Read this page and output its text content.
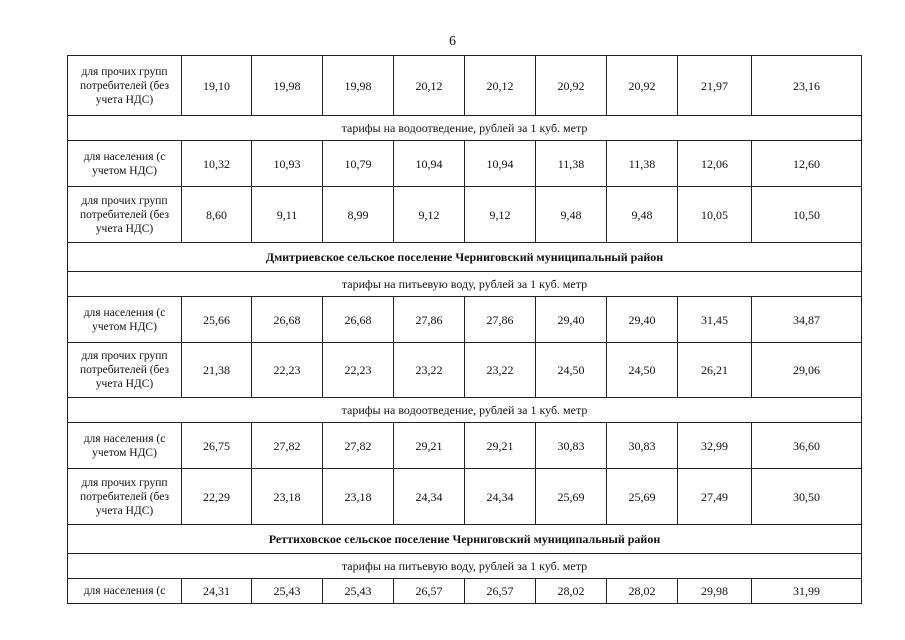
6
для прочих групп потребителей (без учета НДС)	19,10	19,98	19,98	20,12	20,12	20,92	20,92	21,97	23,16
тарифы на водоотведение, рублей за 1 куб. метр									
для населения (с учетом НДС)	10,32	10,93	10,79	10,94	10,94	11,38	11,38	12,06	12,60
для прочих групп потребителей (без учета НДС)	8,60	9,11	8,99	9,12	9,12	9,48	9,48	10,05	10,50
Дмитриевское сельское поселение Черниговский муниципальный район									
тарифы на питьевую воду, рублей за 1 куб. метр									
для населения (с учетом НДС)	25,66	26,68	26,68	27,86	27,86	29,40	29,40	31,45	34,87
для прочих групп потребителей (без учета НДС)	21,38	22,23	22,23	23,22	23,22	24,50	24,50	26,21	29,06
тарифы на водоотведение, рублей за 1 куб. метр									
для населения (с учетом НДС)	26,75	27,82	27,82	29,21	29,21	30,83	30,83	32,99	36,60
для прочих групп потребителей (без учета НДС)	22,29	23,18	23,18	24,34	24,34	25,69	25,69	27,49	30,50
Реттиховское сельское поселение Черниговский муниципальный район									
тарифы на питьевую воду, рублей за 1 куб. метр									
для населения (с	24,31	25,43	25,43	26,57	26,57	28,02	28,02	29,98	31,99
